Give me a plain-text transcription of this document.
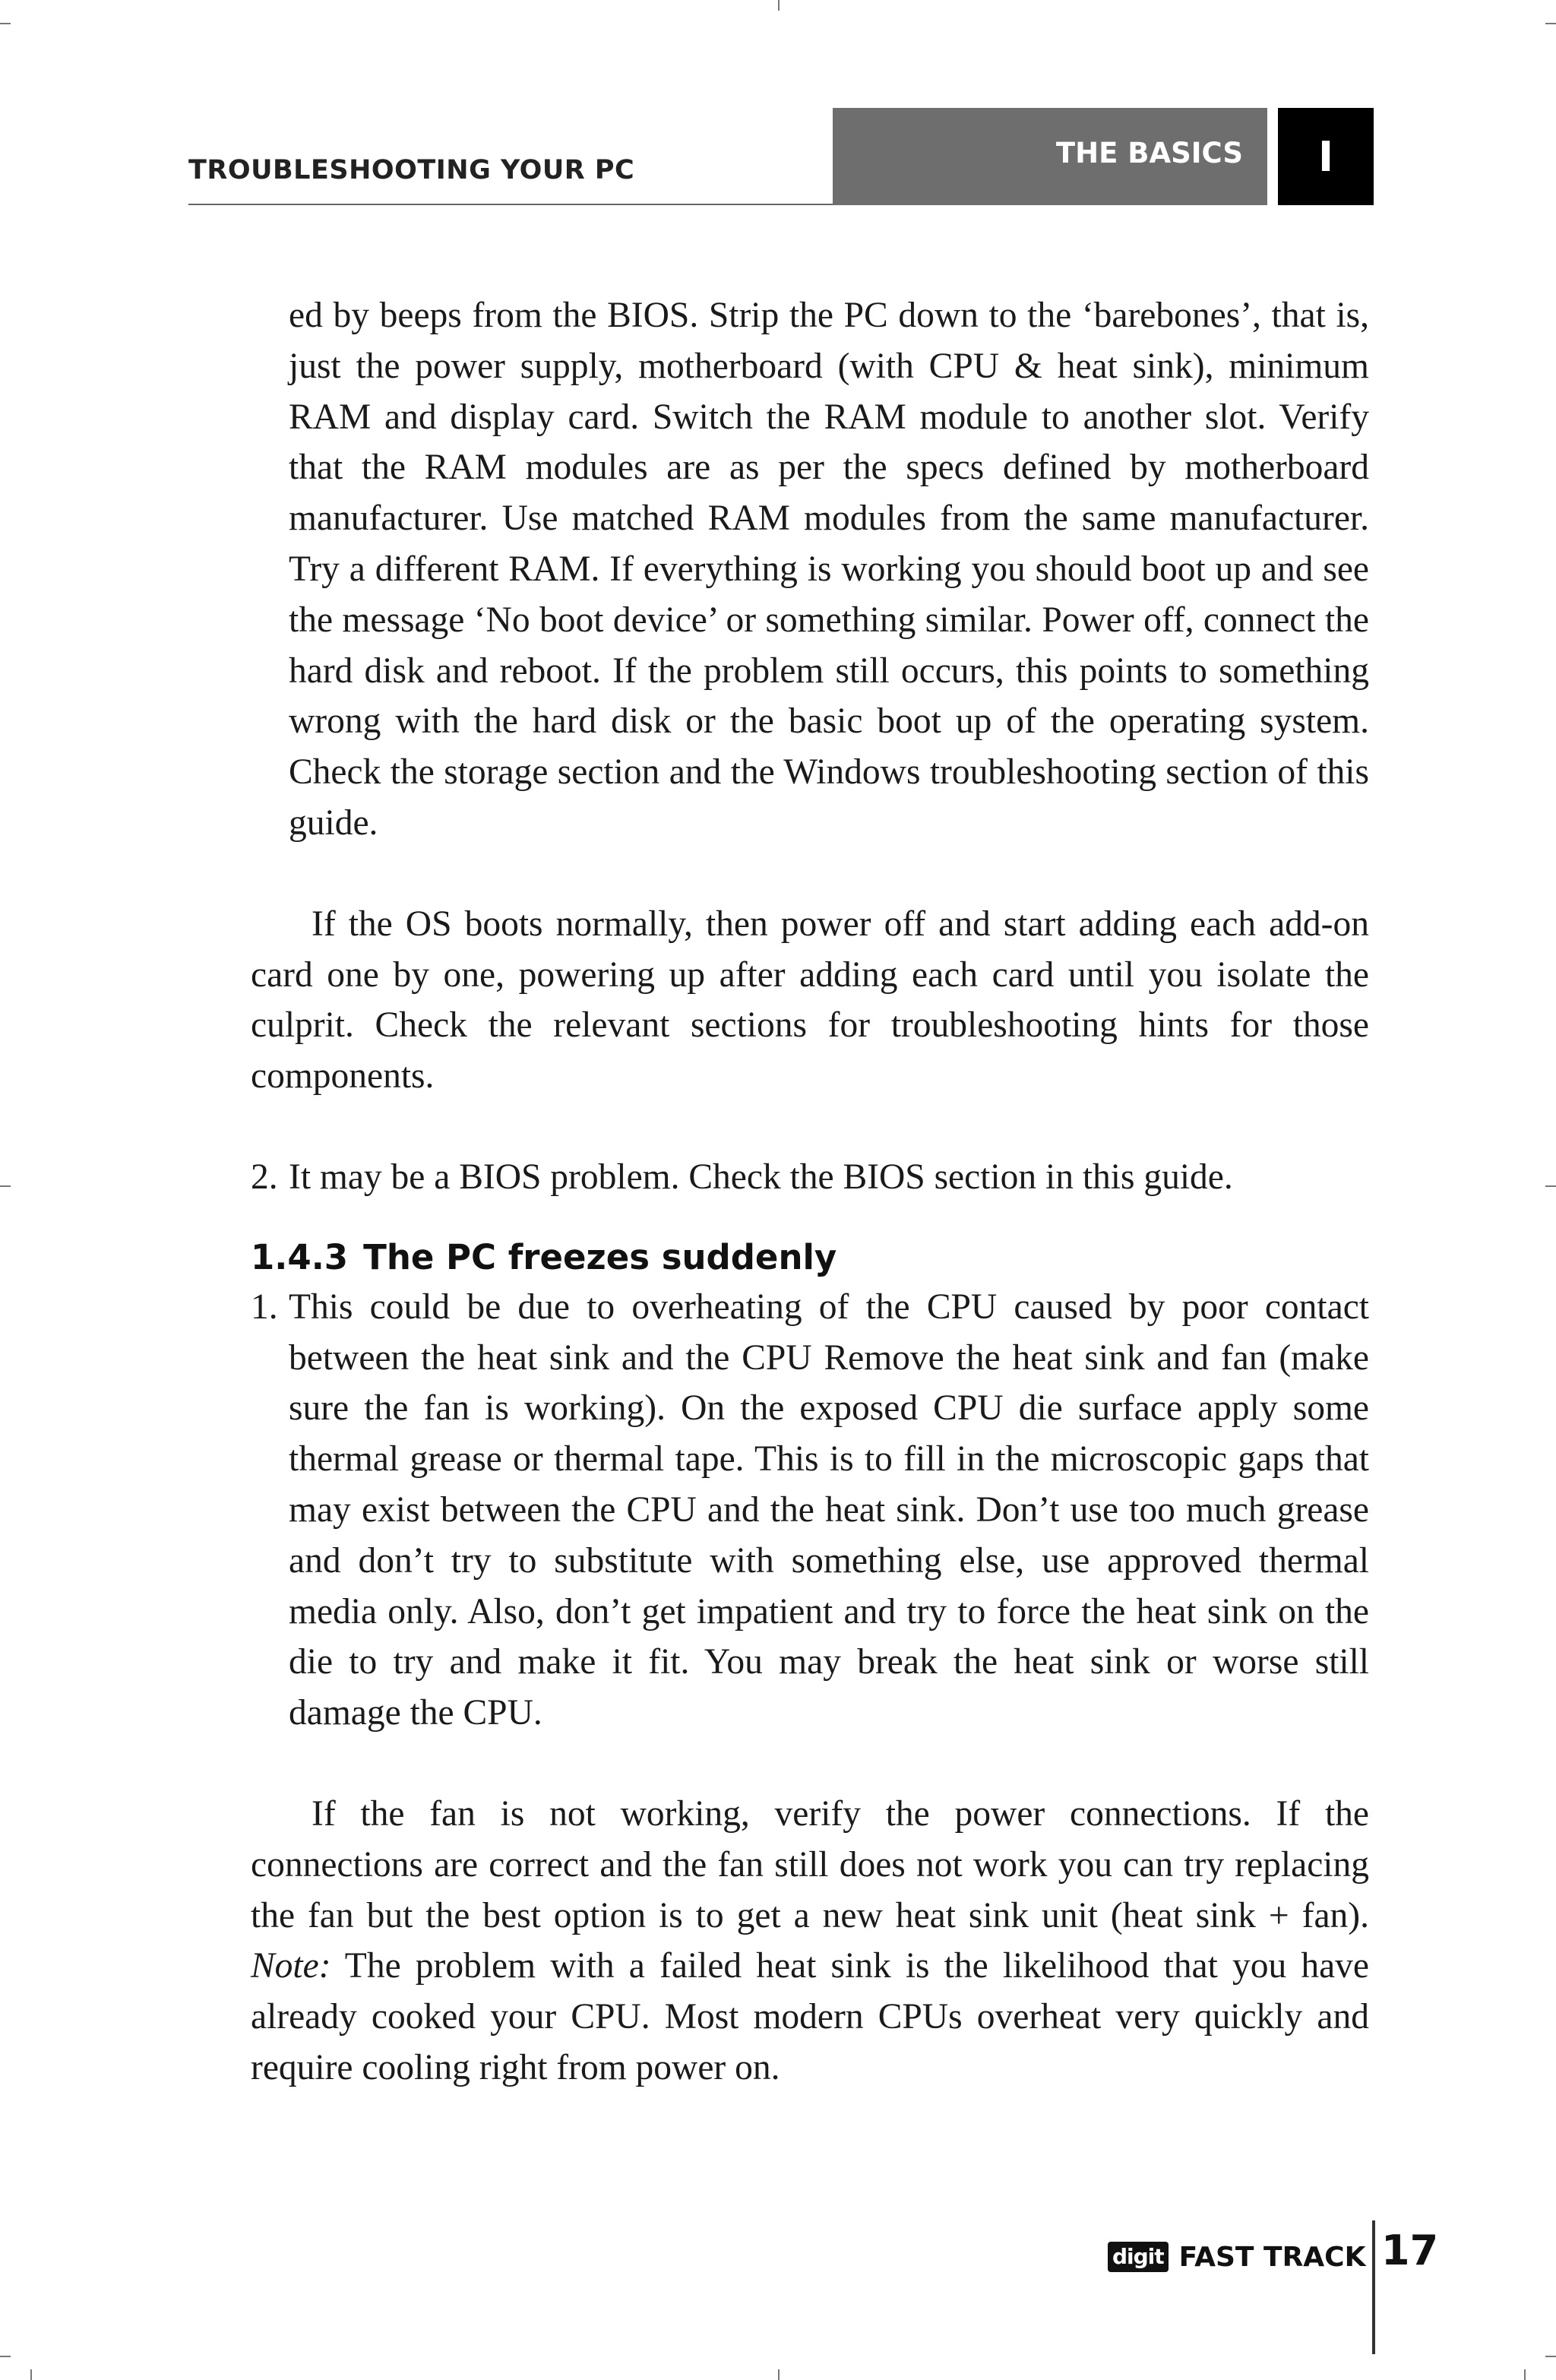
TROUBLESHOOTING YOUR PC
THE BASICS I

ed by beeps from the BIOS. Strip the PC down to the ‘barebones’, that is, just the power supply, motherboard (with CPU & heat sink), minimum RAM and display card. Switch the RAM module to another slot. Verify that the RAM modules are as per the specs defined by motherboard manufacturer. Use matched RAM modules from the same manufacturer. Try a different RAM. If everything is working you should boot up and see the message ‘No boot device’ or something similar. Power off, connect the hard disk and reboot. If the problem still occurs, this points to something wrong with the hard disk or the basic boot up of the operating system. Check the storage section and the Windows troubleshooting section of this guide.

If the OS boots normally, then power off and start adding each add-on card one by one, powering up after adding each card until you isolate the culprit. Check the relevant sections for troubleshooting hints for those components.

2. It may be a BIOS problem. Check the BIOS section in this guide.

1.4.3 The PC freezes suddenly

1. This could be due to overheating of the CPU caused by poor contact between the heat sink and the CPU Remove the heat sink and fan (make sure the fan is working). On the exposed CPU die surface apply some thermal grease or thermal tape. This is to fill in the microscopic gaps that may exist between the CPU and the heat sink. Don’t use too much grease and don’t try to substitute with something else, use approved thermal media only. Also, don’t get impatient and try to force the heat sink on the die to try and make it fit. You may break the heat sink or worse still damage the CPU.

If the fan is not working, verify the power connections. If the connections are correct and the fan still does not work you can try replacing the fan but the best option is to get a new heat sink unit (heat sink + fan). Note: The problem with a failed heat sink is the likelihood that you have already cooked your CPU. Most modern CPUs overheat very quickly and require cooling right from power on.

digit FAST TRACK 17
